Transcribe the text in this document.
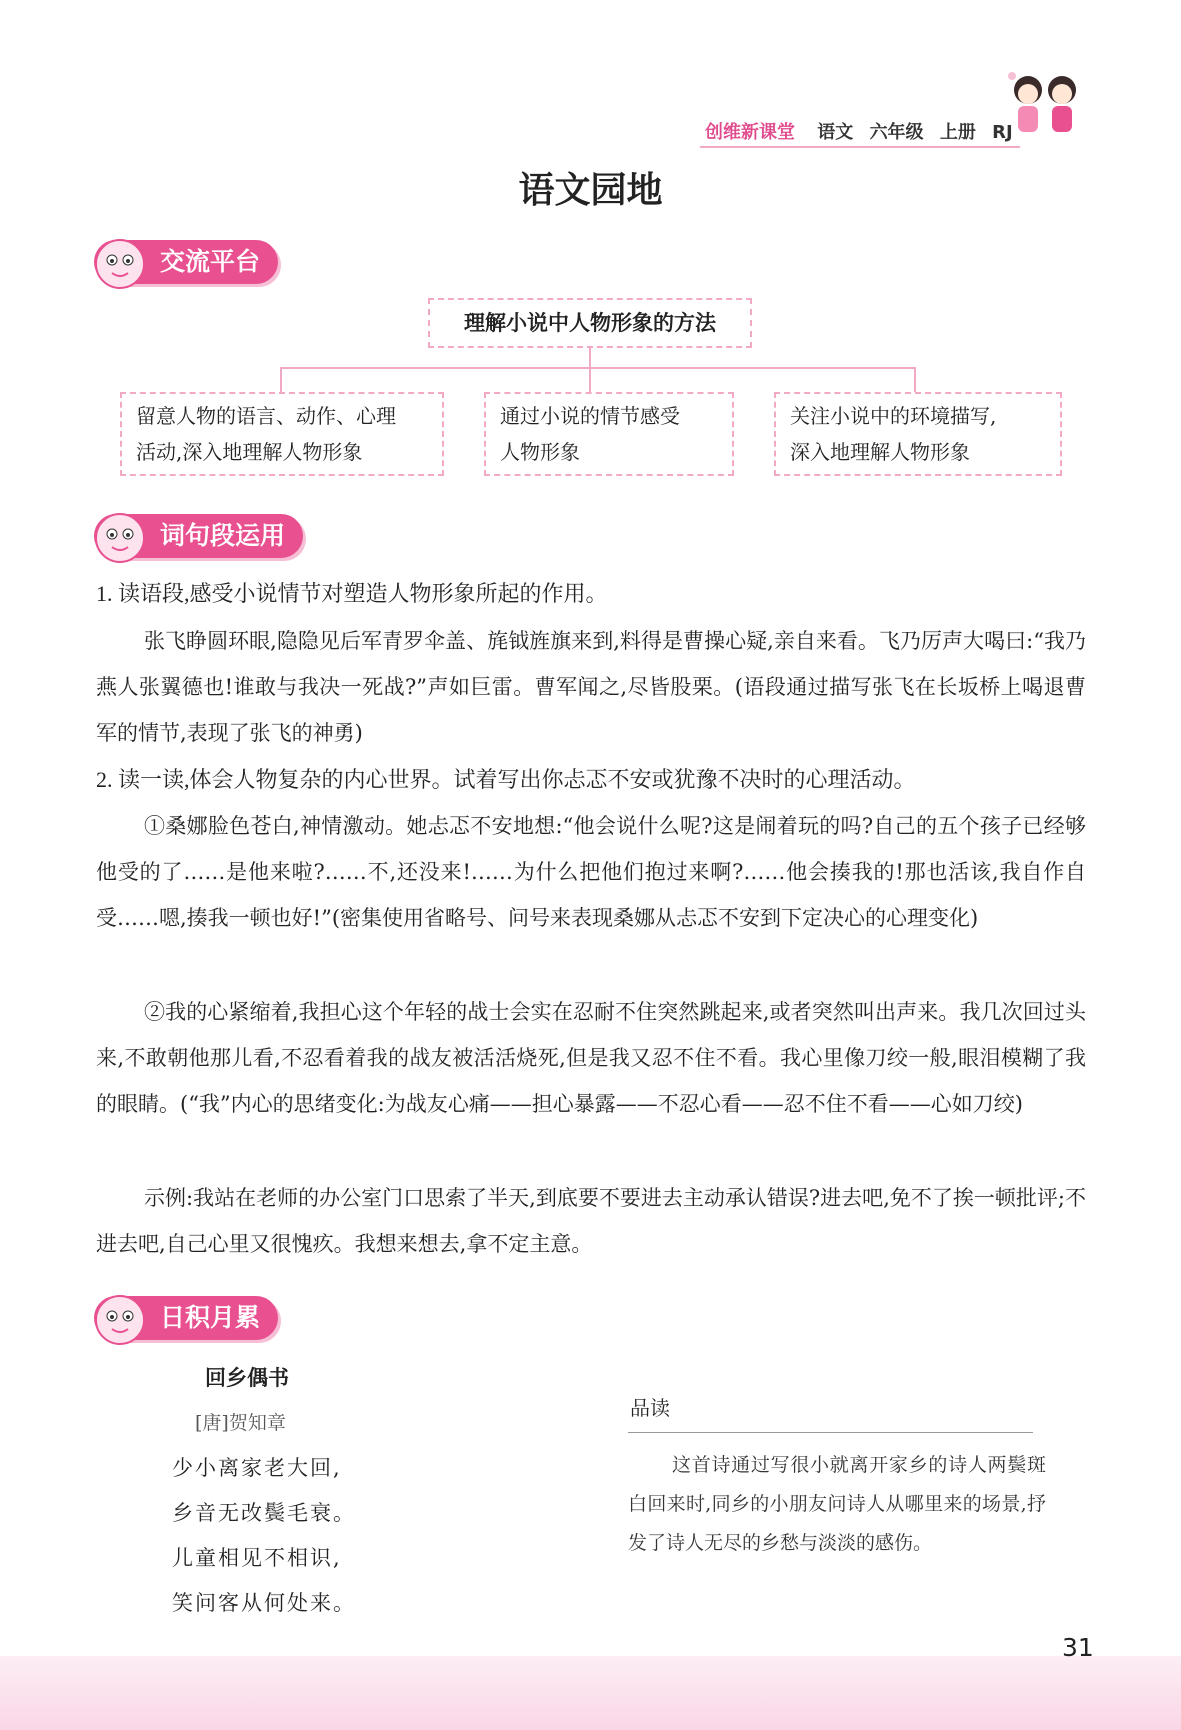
创维新课堂 语文 六年级 上册 RJ
语文园地
交流平台
理解小说中人物形象的方法
留意人物的语言、动作、心理
活动,深入地理解人物形象
通过小说的情节感受
人物形象
关注小说中的环境描写,
深入地理解人物形象
词句段运用
1. 读语段,感受小说情节对塑造人物形象所起的作用。
张飞睁圆环眼,隐隐见后军青罗伞盖、旄钺旌旗来到,料得是曹操心疑,亲自来看。飞乃厉声大喝曰:“我乃燕人张翼德也!谁敢与我决一死战?”声如巨雷。曹军闻之,尽皆股栗。(语段通过描写张飞在长坂桥上喝退曹军的情节,表现了张飞的神勇)
2. 读一读,体会人物复杂的内心世界。试着写出你忐忑不安或犹豫不决时的心理活动。
①桑娜脸色苍白,神情激动。她忐忑不安地想:“他会说什么呢?这是闹着玩的吗?自己的五个孩子已经够他受的了……是他来啦?……不,还没来!……为什么把他们抱过来啊?……他会揍我的!那也活该,我自作自受……嗯,揍我一顿也好!”(密集使用省略号、问号来表现桑娜从忐忑不安到下定决心的心理变化)
②我的心紧缩着,我担心这个年轻的战士会实在忍耐不住突然跳起来,或者突然叫出声来。我几次回过头来,不敢朝他那儿看,不忍看着我的战友被活活烧死,但是我又忍不住不看。我心里像刀绞一般,眼泪模糊了我的眼睛。(“我”内心的思绪变化:为战友心痛——担心暴露——不忍心看——忍不住不看——心如刀绞)
示例:我站在老师的办公室门口思索了半天,到底要不要进去主动承认错误?进去吧,免不了挨一顿批评;不进去吧,自己心里又很愧疚。我想来想去,拿不定主意。
日积月累
回乡偶书
[唐]贺知章
少小离家老大回,
乡音无改鬓毛衰。
儿童相见不相识,
笑问客从何处来。
品读
这首诗通过写很小就离开家乡的诗人两鬓斑白回来时,同乡的小朋友问诗人从哪里来的场景,抒发了诗人无尽的乡愁与淡淡的感伤。
31
